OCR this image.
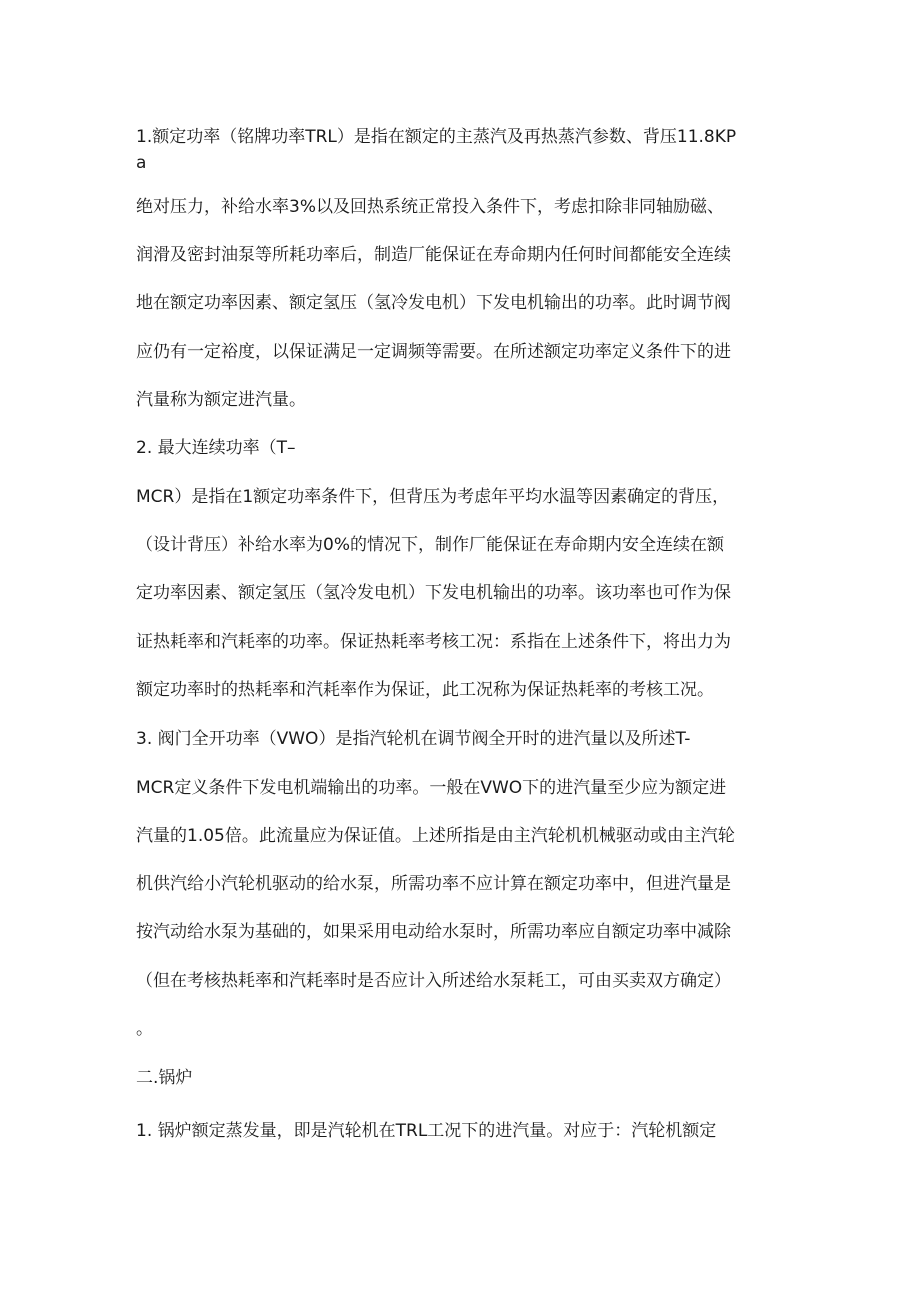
1.额定功率（铭牌功率TRL）是指在额定的主蒸汽及再热蒸汽参数、背压11.8KP
a
绝对压力，补给水率3%以及回热系统正常投入条件下，考虑扣除非同轴励磁、
润滑及密封油泵等所耗功率后，制造厂能保证在寿命期内任何时间都能安全连续
地在额定功率因素、额定氢压（氢冷发电机）下发电机输出的功率。此时调节阀
应仍有一定裕度，以保证满足一定调频等需要。在所述额定功率定义条件下的进
汽量称为额定进汽量。
2. 最大连续功率（T–
MCR）是指在1额定功率条件下，但背压为考虑年平均水温等因素确定的背压，
（设计背压）补给水率为0%的情况下，制作厂能保证在寿命期内安全连续在额
定功率因素、额定氢压（氢冷发电机）下发电机输出的功率。该功率也可作为保
证热耗率和汽耗率的功率。保证热耗率考核工况：系指在上述条件下，将出力为
额定功率时的热耗率和汽耗率作为保证，此工况称为保证热耗率的考核工况。
3. 阀门全开功率（VWO）是指汽轮机在调节阀全开时的进汽量以及所述T-
MCR定义条件下发电机端输出的功率。一般在VWO下的进汽量至少应为额定进
汽量的1.05倍。此流量应为保证值。上述所指是由主汽轮机机械驱动或由主汽轮
机供汽给小汽轮机驱动的给水泵，所需功率不应计算在额定功率中，但进汽量是
按汽动给水泵为基础的，如果采用电动给水泵时，所需功率应自额定功率中减除
（但在考核热耗率和汽耗率时是否应计入所述给水泵耗工，可由买卖双方确定）
。
二.锅炉
1. 锅炉额定蒸发量，即是汽轮机在TRL工况下的进汽量。对应于：汽轮机额定
